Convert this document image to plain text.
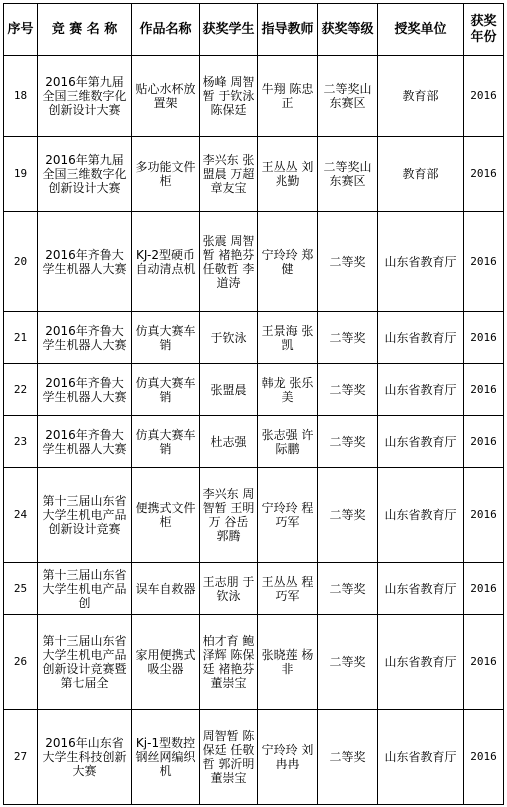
序号	竞 赛 名 称	作品名称	获奖学生	指导教师	获奖等级	授奖单位	获奖年份
18	2016年第九届全国三维数字化创新设计大赛	贴心水杯放置架	杨峰 周智暂 于钦泳 陈保廷	牛翔 陈忠正	二等奖山东赛区	教育部	2016
19	2016年第九届全国三维数字化创新设计大赛	多功能文件柜	李兴东 张盟晨 万超 章友宝	王丛丛 刘兆勤	二等奖山东赛区	教育部	2016
20	2016年齐鲁大学生机器人大赛	KJ-2型硬币自动清点机	张震 周智暂 褚艳芬 任敬哲 李道涛	宁玲玲 郑健	二等奖	山东省教育厅	2016
21	2016年齐鲁大学生机器人大赛	仿真大赛车销	于钦泳	王景海 张凯	二等奖	山东省教育厅	2016
22	2016年齐鲁大学生机器人大赛	仿真大赛车销	张盟晨	韩龙 张乐美	二等奖	山东省教育厅	2016
23	2016年齐鲁大学生机器人大赛	仿真大赛车销	杜志强	张志强 许际鹏	二等奖	山东省教育厅	2016
24	第十三届山东省大学生机电产品创新设计竞赛	便携式文件柜	李兴东 周智暂 王明万 谷岳 郭腾	宁玲玲 程巧军	二等奖	山东省教育厅	2016
25	第十三届山东省大学生机电产品创	误车自救器	王志朋 于钦泳	王丛丛 程巧军	二等奖	山东省教育厅	2016
26	第十三届山东省大学生机电产品创新设计竞赛暨第七届全	家用便携式吸尘器	柏才育 鲍泽辉 陈保廷 褚艳芬 董崇宝	张晓莲 杨非	二等奖	山东省教育厅	2016
27	2016年山东省大学生科技创新大赛	Kj-1型数控钢丝网编织机	周智暂 陈保廷 任敬哲 郭沂明 董崇宝	宁玲玲 刘冉冉	二等奖	山东省教育厅	2016
